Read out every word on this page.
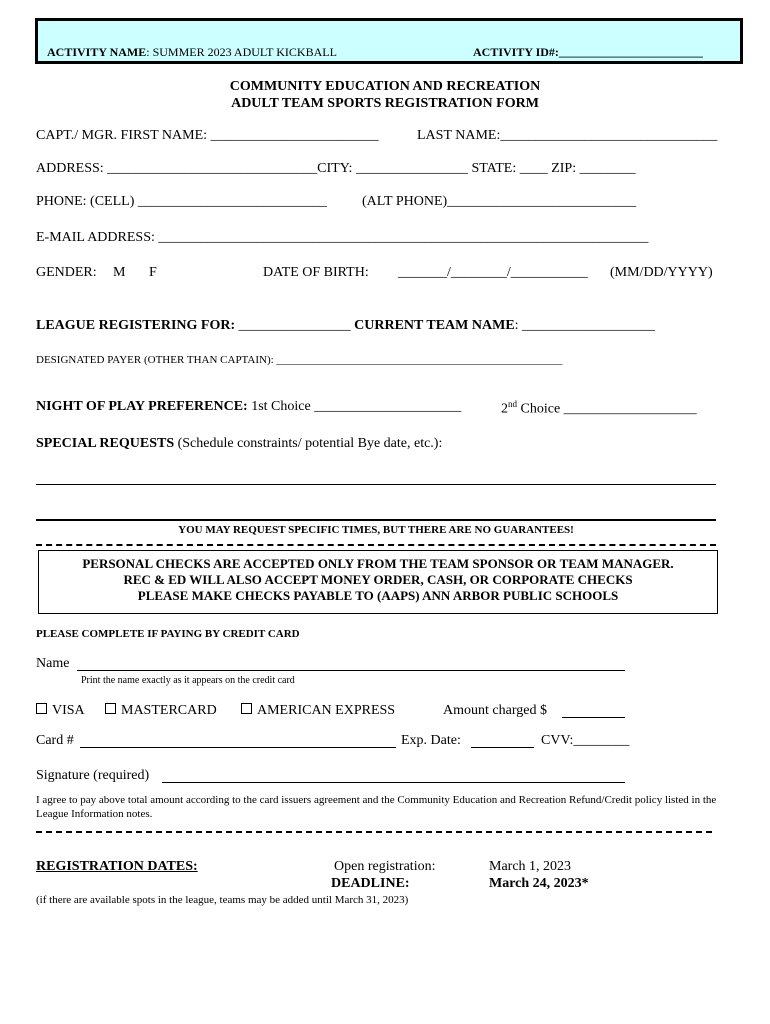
ACTIVITY NAME: SUMMER 2023 ADULT KICKBALL	ACTIVITY ID#:________________________
COMMUNITY EDUCATION AND RECREATION
ADULT TEAM SPORTS REGISTRATION FORM
CAPT./ MGR. FIRST NAME: ________________________	LAST NAME:_______________________________
ADDRESS: ______________________________CITY: ________________ STATE: ____ ZIP: ________
PHONE: (CELL) ___________________________	(ALT PHONE)___________________________
E-MAIL ADDRESS: ______________________________________________________________________
GENDER: M F	DATE OF BIRTH: _______/________/___________ (MM/DD/YYYY)
LEAGUE REGISTERING FOR: ________________ CURRENT TEAM NAME: ___________________
DESIGNATED PAYER (OTHER THAN CAPTAIN): ____________________________________________________
NIGHT OF PLAY PREFERENCE: 1st Choice _____________________	2nd Choice ___________________
SPECIAL REQUESTS (Schedule constraints/ potential Bye date, etc.):
YOU MAY REQUEST SPECIFIC TIMES, BUT THERE ARE NO GUARANTEES!
PERSONAL CHECKS ARE ACCEPTED ONLY FROM THE TEAM SPONSOR OR TEAM MANAGER.
REC & ED WILL ALSO ACCEPT MONEY ORDER, CASH, OR CORPORATE CHECKS
PLEASE MAKE CHECKS PAYABLE TO (AAPS) ANN ARBOR PUBLIC SCHOOLS
PLEASE COMPLETE IF PAYING BY CREDIT CARD
Name
Print the name exactly as it appears on the credit card
VISA	MASTERCARD	AMERICAN EXPRESS	Amount charged $
Card #	Exp. Date:	CVV:________
Signature (required)
I agree to pay above total amount according to the card issuers agreement and the Community Education and Recreation Refund/Credit policy listed in the League Information notes.
REGISTRATION DATES:	Open registration:	March 1, 2023
DEADLINE:	March 24, 2023*
(if there are available spots in the league, teams may be added until March 31, 2023)
